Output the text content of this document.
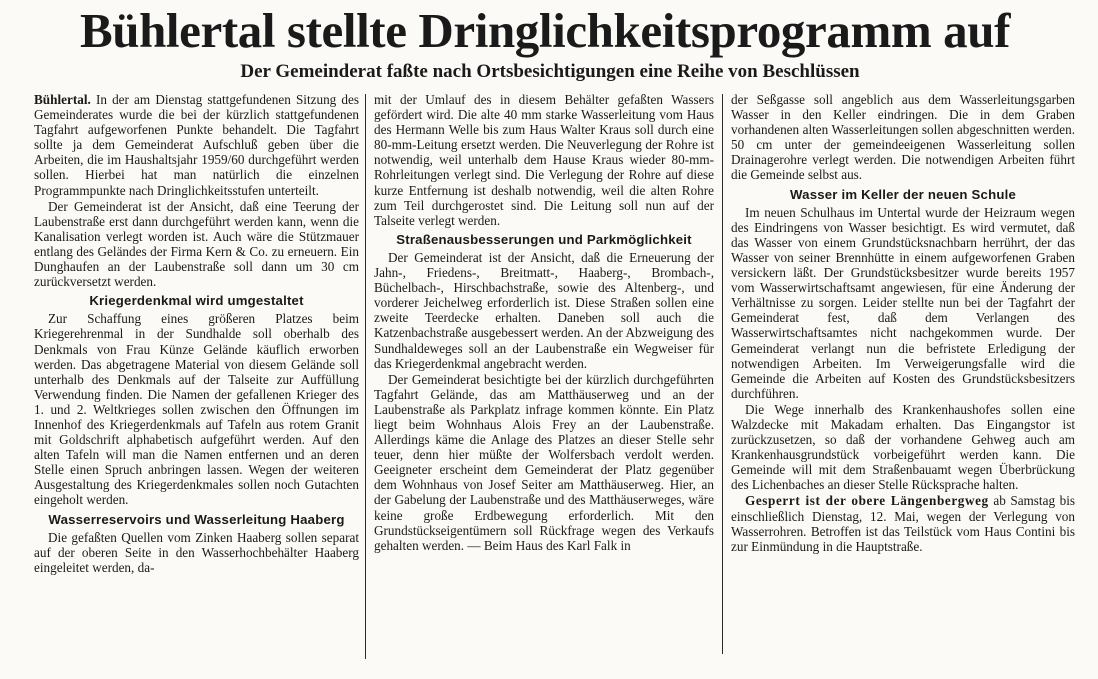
Bühlertal stellte Dringlichkeitsprogramm auf
Der Gemeinderat faßte nach Ortsbesichtigungen eine Reihe von Beschlüssen

Bühlertal. In der am Dienstag stattgefundenen Sitzung des Gemeinderates wurde die bei der kürzlich stattgefundenen Tagfahrt aufgeworfenen Punkte behandelt. Die Tagfahrt sollte ja dem Gemeinderat Aufschluß geben über die Arbeiten, die im Haushaltsjahr 1959/60 durchgeführt werden sollen. Hierbei hat man natürlich die einzelnen Programmpunkte nach Dringlichkeitsstufen unterteilt.

Der Gemeinderat ist der Ansicht, daß eine Teerung der Laubenstraße erst dann durchgeführt werden kann, wenn die Kanalisation verlegt worden ist. Auch wäre die Stützmauer entlang des Geländes der Firma Kern & Co. zu erneuern. Ein Dunghaufen an der Laubenstraße soll dann um 30 cm zurückversetzt werden.

Kriegerdenkmal wird umgestaltet

Zur Schaffung eines größeren Platzes beim Kriegerehrenmal in der Sundhalde soll oberhalb des Denkmals von Frau Künze Gelände käuflich erworben werden. Das abgetragene Material von diesem Gelände soll unterhalb des Denkmals auf der Talseite zur Auffüllung Verwendung finden. Die Namen der gefallenen Krieger des 1. und 2. Weltkrieges sollen zwischen den Öffnungen im Innenhof des Kriegerdenkmals auf Tafeln aus rotem Granit mit Goldschrift alphabetisch aufgeführt werden. Auf den alten Tafeln will man die Namen entfernen und an deren Stelle einen Spruch anbringen lassen. Wegen der weiteren Ausgestaltung des Kriegerdenkmales sollen noch Gutachten eingeholt werden.

Wasserreservoirs und Wasserleitung Haaberg

Die gefaßten Quellen vom Zinken Haaberg sollen separat auf der oberen Seite in den Wasserhochbehälter Haaberg eingeleitet werden, da-

mit der Umlauf des in diesem Behälter gefaßten Wassers gefördert wird. Die alte 40 mm starke Wasserleitung vom Haus des Hermann Welle bis zum Haus Walter Kraus soll durch eine 80-mm-Leitung ersetzt werden. Die Neuverlegung der Rohre ist notwendig, weil unterhalb dem Hause Kraus wieder 80-mm-Rohrleitungen verlegt sind. Die Verlegung der Rohre auf diese kurze Entfernung ist deshalb notwendig, weil die alten Rohre zum Teil durchgerostet sind. Die Leitung soll nun auf der Talseite verlegt werden.

Straßenausbesserungen und Parkmöglichkeit

Der Gemeinderat ist der Ansicht, daß die Erneuerung der Jahn-, Friedens-, Breitmatt-, Haaberg-, Brombach-, Büchelbach-, Hirschbachstraße, sowie des Altenberg-, und vorderer Jeichelweg erforderlich ist. Diese Straßen sollen eine zweite Teerdecke erhalten. Daneben soll auch die Katzenbachstraße ausgebessert werden. An der Abzweigung des Sundhaldeweges soll an der Laubenstraße ein Wegweiser für das Kriegerdenkmal angebracht werden.

Der Gemeinderat besichtigte bei der kürzlich durchgeführten Tagfahrt Gelände, das am Matthäuserweg und an der Laubenstraße als Parkplatz infrage kommen könnte. Ein Platz liegt beim Wohnhaus Alois Frey an der Laubenstraße. Allerdings käme die Anlage des Platzes an dieser Stelle sehr teuer, denn hier müßte der Wolfersbach verdolt werden. Geeigneter erscheint dem Gemeinderat der Platz gegenüber dem Wohnhaus von Josef Seiter am Matthäuserweg. Hier, an der Gabelung der Laubenstraße und des Matthäuserweges, wäre keine große Erdbewegung erforderlich. Mit den Grundstückseigentümern soll Rückfrage wegen des Verkaufs gehalten werden. — Beim Haus des Karl Falk in

der Seßgasse soll angeblich aus dem Wasserleitungsgarben Wasser in den Keller eindringen. Die in dem Graben vorhandenen alten Wasserleitungen sollen abgeschnitten werden. 50 cm unter der gemeindeeigenen Wasserleitung sollen Drainagerohre verlegt werden. Die notwendigen Arbeiten führt die Gemeinde selbst aus.

Wasser im Keller der neuen Schule

Im neuen Schulhaus im Untertal wurde der Heizraum wegen des Eindringens von Wasser besichtigt. Es wird vermutet, daß das Wasser von einem Grundstücksnachbarn herrührt, der das Wasser von seiner Brennhütte in einem aufgeworfenen Graben versickern läßt. Der Grundstücksbesitzer wurde bereits 1957 vom Wasserwirtschaftsamt angewiesen, für eine Änderung der Verhältnisse zu sorgen. Leider stellte nun bei der Tagfahrt der Gemeinderat fest, daß dem Verlangen des Wasserwirtschaftsamtes nicht nachgekommen wurde. Der Gemeinderat verlangt nun die befristete Erledigung der notwendigen Arbeiten. Im Verweigerungsfalle wird die Gemeinde die Arbeiten auf Kosten des Grundstücksbesitzers durchführen.

Die Wege innerhalb des Krankenhaushofes sollen eine Walzdecke mit Makadam erhalten. Das Eingangstor ist zurückzusetzen, so daß der vorhandene Gehweg auch am Krankenhausgrundstück vorbeigeführt werden kann. Die Gemeinde will mit dem Straßenbauamt wegen Überbrückung des Lichenbaches an dieser Stelle Rücksprache halten.

Gesperrt ist der obere Längenbergweg ab Samstag bis einschließlich Dienstag, 12. Mai, wegen der Verlegung von Wasserrohren. Betroffen ist das Teilstück vom Haus Contini bis zur Einmündung in die Hauptstraße.
